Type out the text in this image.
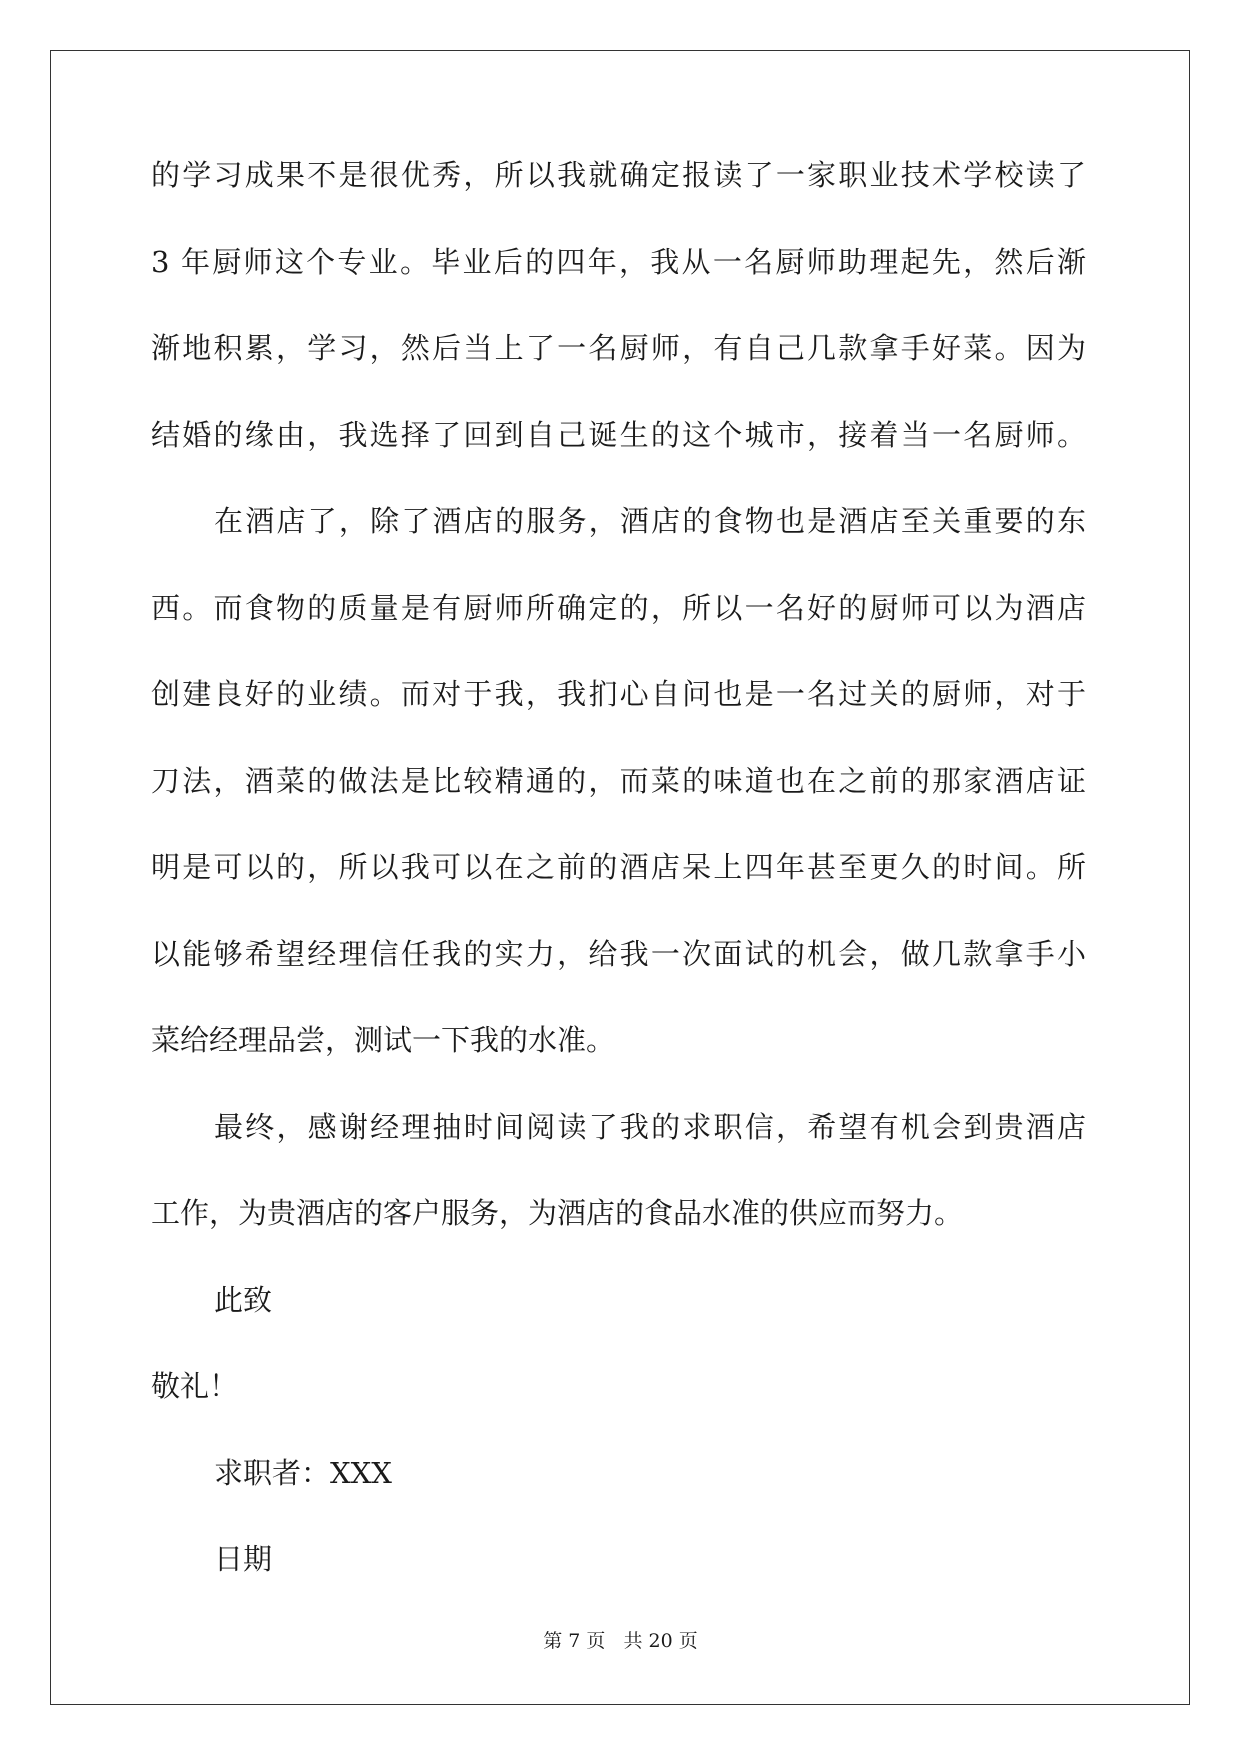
的学习成果不是很优秀，所以我就确定报读了一家职业技术学校读了
3 年厨师这个专业。毕业后的四年，我从一名厨师助理起先，然后渐
渐地积累，学习，然后当上了一名厨师，有自己几款拿手好菜。因为
结婚的缘由，我选择了回到自己诞生的这个城市，接着当一名厨师。
在酒店了，除了酒店的服务，酒店的食物也是酒店至关重要的东
西。而食物的质量是有厨师所确定的，所以一名好的厨师可以为酒店
创建良好的业绩。而对于我，我扪心自问也是一名过关的厨师，对于
刀法，酒菜的做法是比较精通的，而菜的味道也在之前的那家酒店证
明是可以的，所以我可以在之前的酒店呆上四年甚至更久的时间。所
以能够希望经理信任我的实力，给我一次面试的机会，做几款拿手小
菜给经理品尝，测试一下我的水准。
最终，感谢经理抽时间阅读了我的求职信，希望有机会到贵酒店
工作，为贵酒店的客户服务，为酒店的食品水准的供应而努力。
此致
敬礼！
求职者：XXX
日期
第 7 页   共 20 页
